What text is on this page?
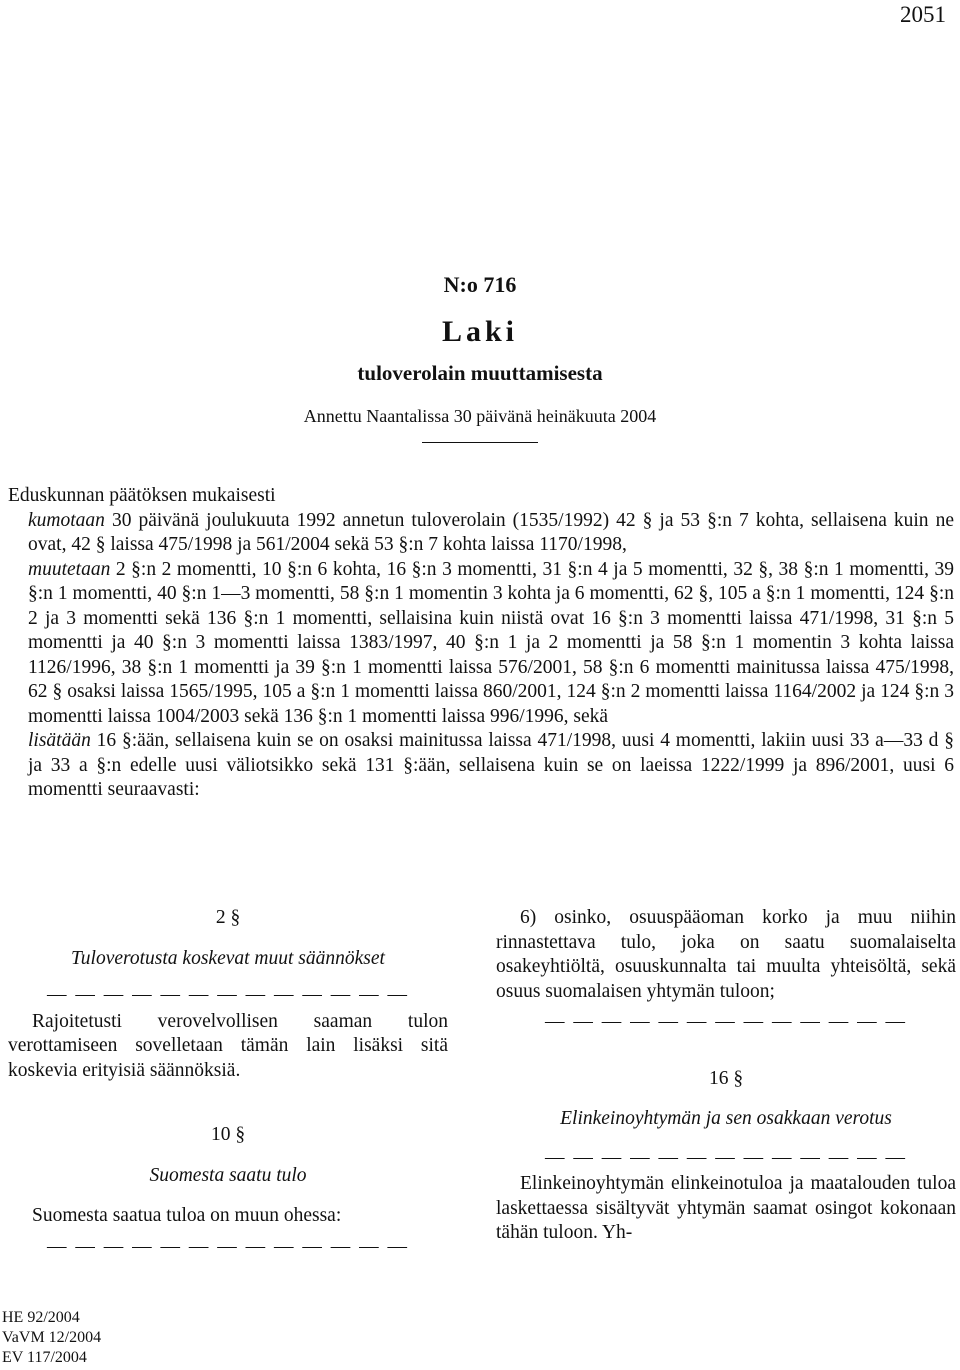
2051
N:o 716
Laki
tuloverolain muuttamisesta
Annettu Naantalissa 30 päivänä heinäkuuta 2004

Eduskunnan päätöksen mukaisesti

kumotaan 30 päivänä joulukuuta 1992 annetun tuloverolain (1535/1992) 42 § ja 53 §:n 7 kohta, sellaisena kuin ne ovat, 42 § laissa 475/1998 ja 561/2004 sekä 53 §:n 7 kohta laissa 1170/1998,

muutetaan 2 §:n 2 momentti, 10 §:n 6 kohta, 16 §:n 3 momentti, 31 §:n 4 ja 5 momentti, 32 §, 38 §:n 1 momentti, 39 §:n 1 momentti, 40 §:n 1—3 momentti, 58 §:n 1 momentin 3 kohta ja 6 momentti, 62 §, 105 a §:n 1 momentti, 124 §:n 2 ja 3 momentti sekä 136 §:n 1 momentti, sellaisina kuin niistä ovat 16 §:n 3 momentti laissa 471/1998, 31 §:n 5 momentti ja 40 §:n 3 momentti laissa 1383/1997, 40 §:n 1 ja 2 momentti ja 58 §:n 1 momentin 3 kohta laissa 1126/1996, 38 §:n 1 momentti ja 39 §:n 1 momentti laissa 576/2001, 58 §:n 6 momentti mainitussa laissa 475/1998, 62 § osaksi laissa 1565/1995, 105 a §:n 1 momentti laissa 860/2001, 124 §:n 2 momentti laissa 1164/2002 ja 124 §:n 3 momentti laissa 1004/2003 sekä 136 §:n 1 momentti laissa 996/1996, sekä

lisätään 16 §:ään, sellaisena kuin se on osaksi mainitussa laissa 471/1998, uusi 4 momentti, lakiin uusi 33 a—33 d § ja 33 a §:n edelle uusi väliotsikko sekä 131 §:ään, sellaisena kuin se on laeissa 1222/1999 ja 896/2001, uusi 6 momentti seuraavasti:

2 §
Tuloverotusta koskevat muut säännökset
— — — — — — — — — — — — —

Rajoitetusti verovelvollisen saaman tulon verottamiseen sovelletaan tämän lain lisäksi sitä koskevia erityisiä säännöksiä.

10 §
Suomesta saatu tulo

Suomesta saatua tuloa on muun ohessa:

— — — — — — — — — — — — —

6) osinko, osuuspääoman korko ja muu niihin rinnastettava tulo, joka on saatu suomalaiselta osakeyhtiöltä, osuuskunnalta tai muulta yhteisöltä, sekä osuus suomalaisen yhtymän tuloon;

— — — — — — — — — — — — —
16 §
Elinkeinoyhtymän ja sen osakkaan verotus
— — — — — — — — — — — — —

Elinkeinoyhtymän elinkeinotuloa ja maatalouden tuloa laskettaessa sisältyvät yhtymän saamat osingot kokonaan tähän tuloon. Yh-

HE 92/2004
VaVM 12/2004
EV 117/2004
